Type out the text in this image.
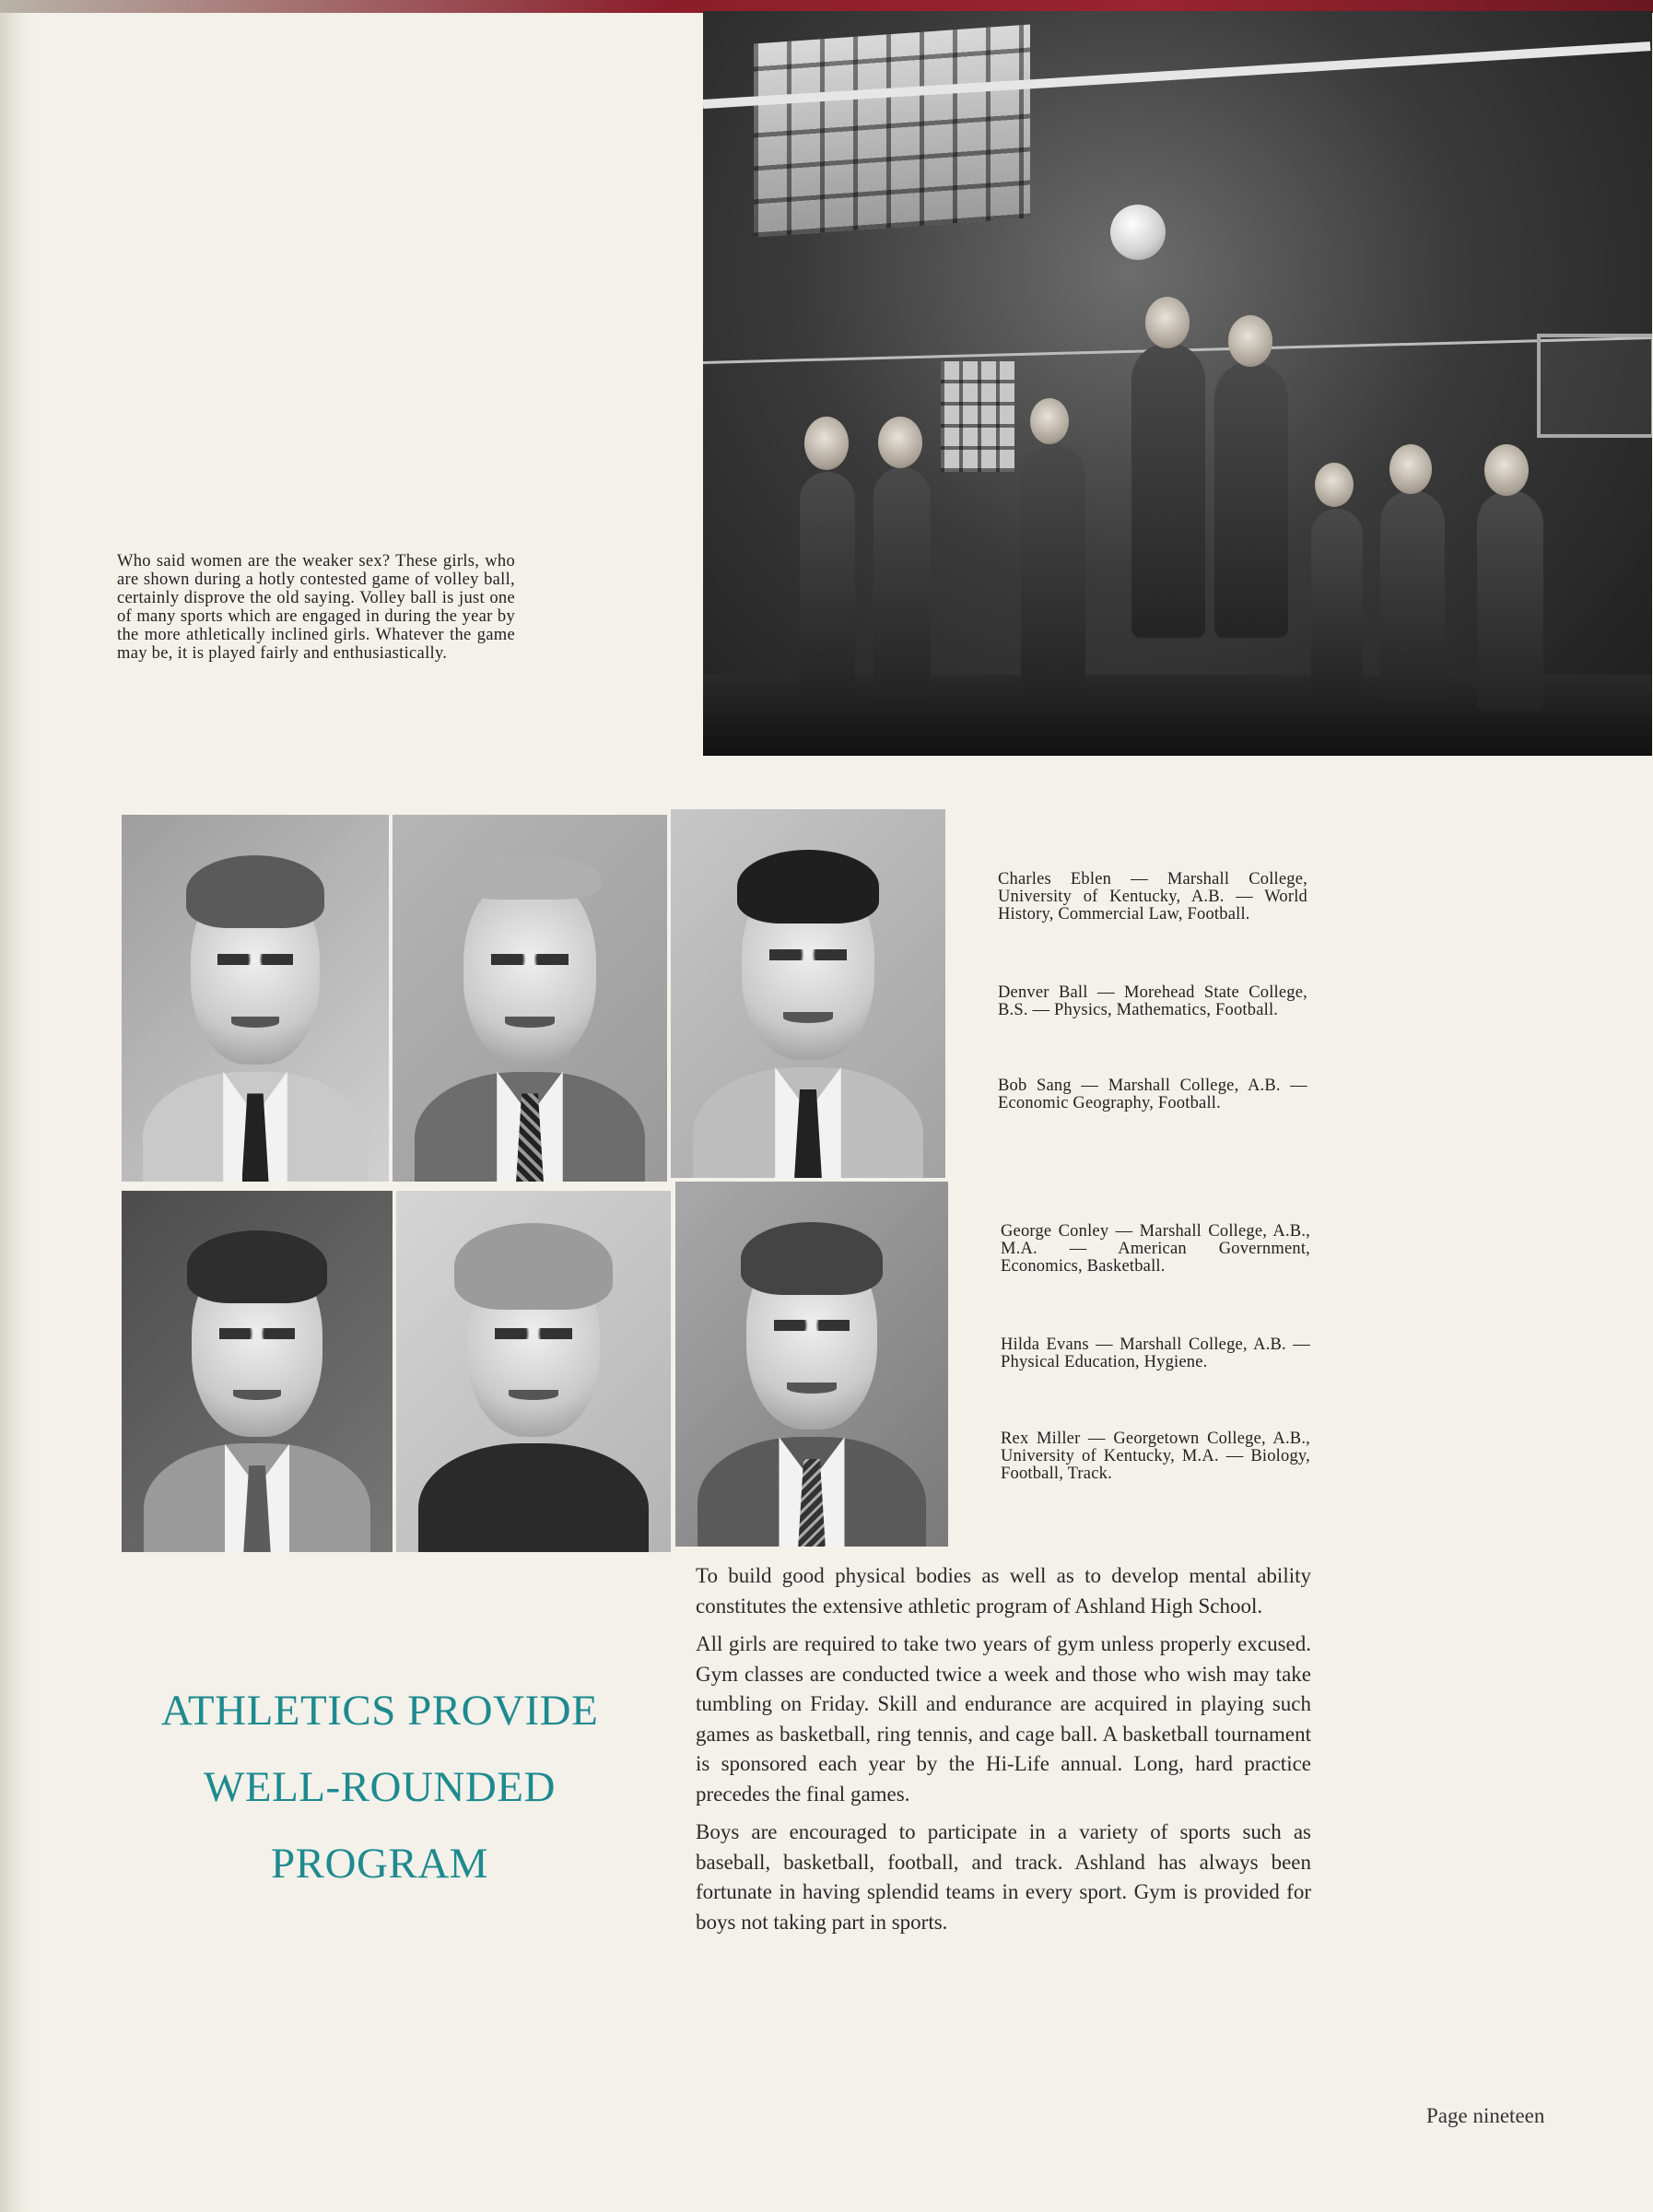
Who said women are the weaker sex? These girls, who are shown during a hotly contested game of volley ball, certainly disprove the old saying. Volley ball is just one of many sports which are engaged in during the year by the more athletically inclined girls. Whatever the game may be, it is played fairly and enthusiastically.
Charles Eblen — Marshall College, University of Kentucky, A.B. — World History, Commercial Law, Football.
Denver Ball — Morehead State College, B.S. — Physics, Mathematics, Football.
Bob Sang — Marshall College, A.B. — Economic Geography, Football.
George Conley — Marshall College, A.B., M.A. — American Government, Economics, Basketball.
Hilda Evans — Marshall College, A.B. — Physical Education, Hygiene.
Rex Miller — Georgetown College, A.B., University of Kentucky, M.A. — Biology, Football, Track.
ATHLETICS PROVIDE
WELL-ROUNDED
PROGRAM

To build good physical bodies as well as to develop mental ability constitutes the extensive athletic program of Ashland High School.

All girls are required to take two years of gym unless properly excused. Gym classes are conducted twice a week and those who wish may take tumbling on Friday. Skill and endurance are acquired in playing such games as basketball, ring tennis, and cage ball. A basketball tournament is sponsored each year by the Hi-Life annual. Long, hard practice precedes the final games.

Boys are encouraged to participate in a variety of sports such as baseball, basketball, football, and track. Ashland has always been fortunate in having splendid teams in every sport. Gym is provided for boys not taking part in sports.

Page nineteen
